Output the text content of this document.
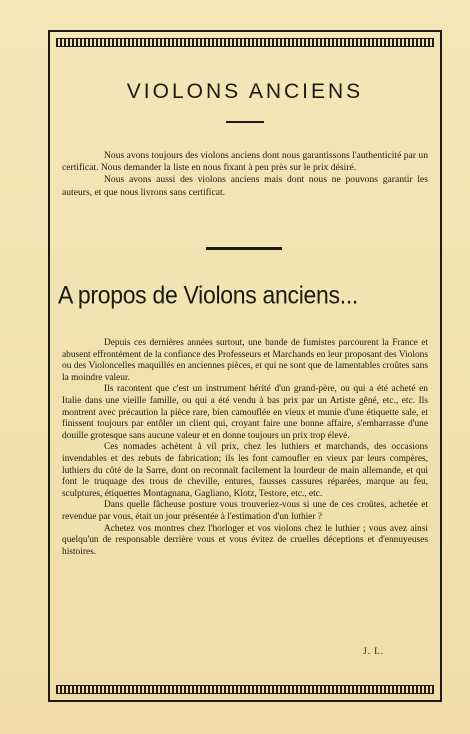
VIOLONS ANCIENS

Nous avons toujours des violons anciens dont nous garantissons l'authenticité par un certificat. Nous demander la liste en nous fixant à peu près sur le prix désiré.

Nous avons aussi des violons anciens mais dont nous ne pouvons garantir les auteurs, et que nous livrons sans certificat.

A propos de Violons anciens...

Depuis ces dernières années surtout, une bande de fumistes parcourent la France et abusent effrontément de la confiance des Professeurs et Marchands en leur proposant des Violons ou des Violoncelles maquillés en anciennes pièces, et qui ne sont que de lamentables croûtes sans la moindre valeur.

Ils racontent que c'est un instrument hérité d'un grand-père, ou qui a été acheté en Italie dans une vieille famille, ou qui a été vendu à bas prix par un Artiste gêné, etc., etc. Ils montrent avec précaution la pièce rare, bien camouflée en vieux et munie d'une étiquette sale, et finissent toujours par entôler un client qui, croyant faire une bonne affaire, s'embarrasse d'une douille grotesque sans aucune valeur et en donne toujours un prix trop élevé.

Ces nomades achètent à vil prix, chez les luthiers et marchands, des occasions invendables et des rebuts de fabrication; ils les font camoufler en vieux par leurs compères, luthiers du côté de la Sarre, dont on reconnaît facilement la lourdeur de main allemande, et qui font le truquage des trous de cheville, entures, fausses cassures réparées, marque au feu, sculptures, étiquettes Montagnana, Gagliano, Klotz, Testore, etc., etc.

Dans quelle fâcheuse posture vous trouveriez-vous si une de ces croûtes, achetée et revendue par vous, était un jour présentée à l'estimation d'un luthier ?

Achetez vos montres chez l'horloger et vos violons chez le luthier ; vous avez ainsi quelqu'un de responsable derrière vous et vous évitez de cruelles déceptions et d'ennuyeuses histoires.

J. L.
